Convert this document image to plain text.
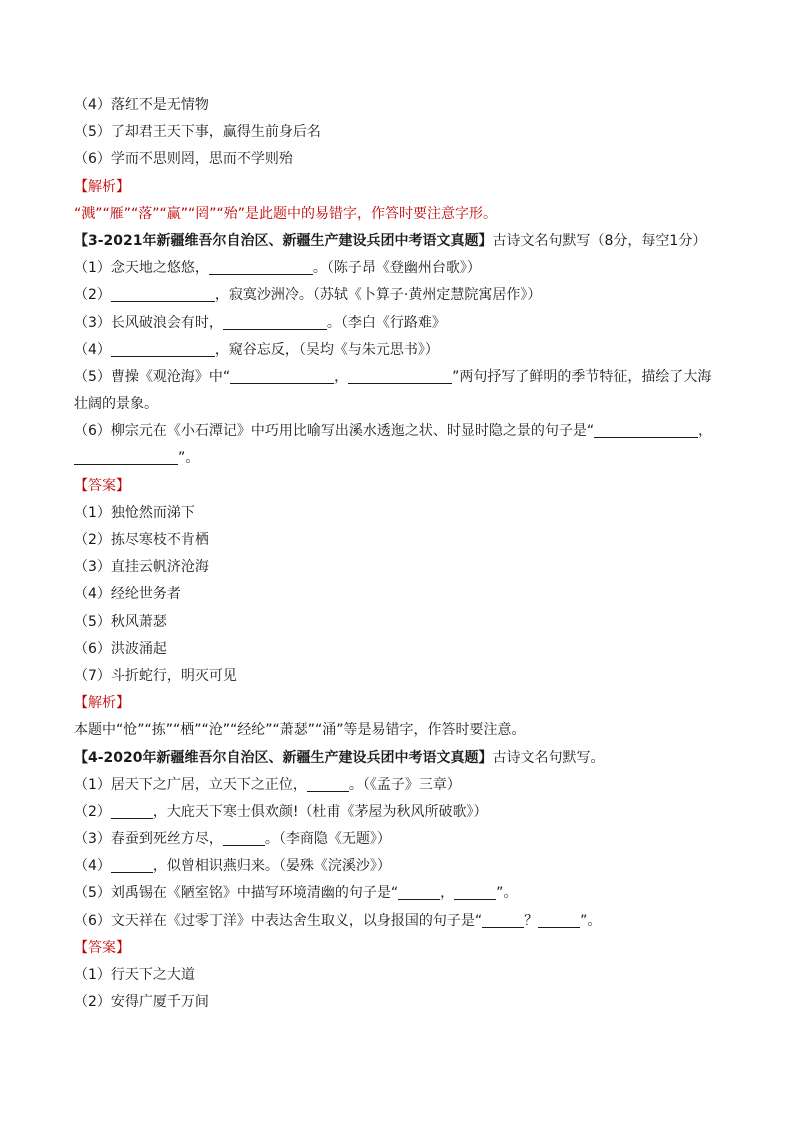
（4）落红不是无情物
（5）了却君王天下事，赢得生前身后名
（6）学而不思则罔，思而不学则殆
【解析】
“溅”“雁”“落”“赢”“罔”“殆”是此题中的易错字，作答时要注意字形。
【3-2021年新疆维吾尔自治区、新疆生产建设兵团中考语文真题】古诗文名句默写（8分，每空1分）
（1）念天地之悠悠，	。（陈子昂《登幽州台歌》）
（2）	，寂寞沙洲冷。（苏轼《卜算子·黄州定慧院寓居作》）
（3）长风破浪会有时，	。（李白《行路难》
（4）	，窥谷忘反，（吴均《与朱元思书》）
（5）曹操《观沧海》中“	，	”两句抒写了鲜明的季节特征，描绘了大海
壮阔的景象。
（6）柳宗元在《小石潭记》中巧用比喻写出溪水透迤之状、时显时隐之景的句子是“	，
”。
【答案】
（1）独怆然而涕下
（2）拣尽寒枝不肯栖
（3）直挂云帆济沧海
（4）经纶世务者
（5）秋风萧瑟
（6）洪波涌起
（7）斗折蛇行，明灭可见
【解析】
本题中“怆”“拣”“栖”“沧”“经纶”“萧瑟”“涌”等是易错字，作答时要注意。
【4-2020年新疆维吾尔自治区、新疆生产建设兵团中考语文真题】古诗文名句默写。
（1）居天下之广居，立天下之正位，	。（《孟子》三章）
（2）	，大庇天下寒士俱欢颜!（杜甫《茅屋为秋风所破歌》）
（3）春蚕到死丝方尽，	。（李商隐《无题》）
（4）	，似曾相识燕归来。（晏殊《浣溪沙》）
（5）刘禹锡在《陋室铭》中描写环境清幽的句子是“	，	”。
（6）文天祥在《过零丁洋》中表达舍生取义，以身报国的句子是“	？	”。
【答案】
（1）行天下之大道
（2）安得广厦千万间
